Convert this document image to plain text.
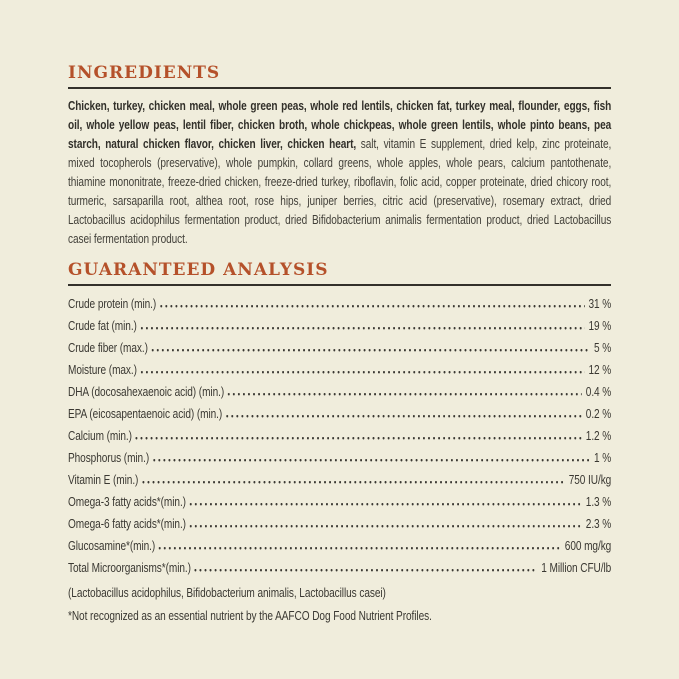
INGREDIENTS
Chicken, turkey, chicken meal, whole green peas, whole red lentils, chicken fat, turkey meal, flounder, eggs, fish oil, whole yellow peas, lentil fiber, chicken broth, whole chickpeas, whole green lentils, whole pinto beans, pea starch, natural chicken flavor, chicken liver, chicken heart, salt, vitamin E supplement, dried kelp, zinc proteinate, mixed tocopherols (preservative), whole pumpkin, collard greens, whole apples, whole pears, calcium pantothenate, thiamine mononitrate, freeze-dried chicken, freeze-dried turkey, riboflavin, folic acid, copper proteinate, dried chicory root, turmeric, sarsaparilla root, althea root, rose hips, juniper berries, citric acid (preservative), rosemary extract, dried Lactobacillus acidophilus fermentation product, dried Bifidobacterium animalis fermentation product, dried Lactobacillus casei fermentation product.
GUARANTEED ANALYSIS
Crude protein (min.)	31 %
Crude fat (min.)	19 %
Crude fiber (max.)	5 %
Moisture (max.)	12 %
DHA (docosahexaenoic acid) (min.)	0.4 %
EPA (eicosapentaenoic acid) (min.)	0.2 %
Calcium (min.)	1.2 %
Phosphorus (min.)	1 %
Vitamin E (min.)	750 IU/kg
Omega-3 fatty acids*(min.)	1.3 %
Omega-6 fatty acids*(min.)	2.3 %
Glucosamine*(min.)	600 mg/kg
Total Microorganisms*(min.)	1 Million CFU/lb
(Lactobacillus acidophilus, Bifidobacterium animalis, Lactobacillus casei)
*Not recognized as an essential nutrient by the AAFCO Dog Food Nutrient Profiles.
